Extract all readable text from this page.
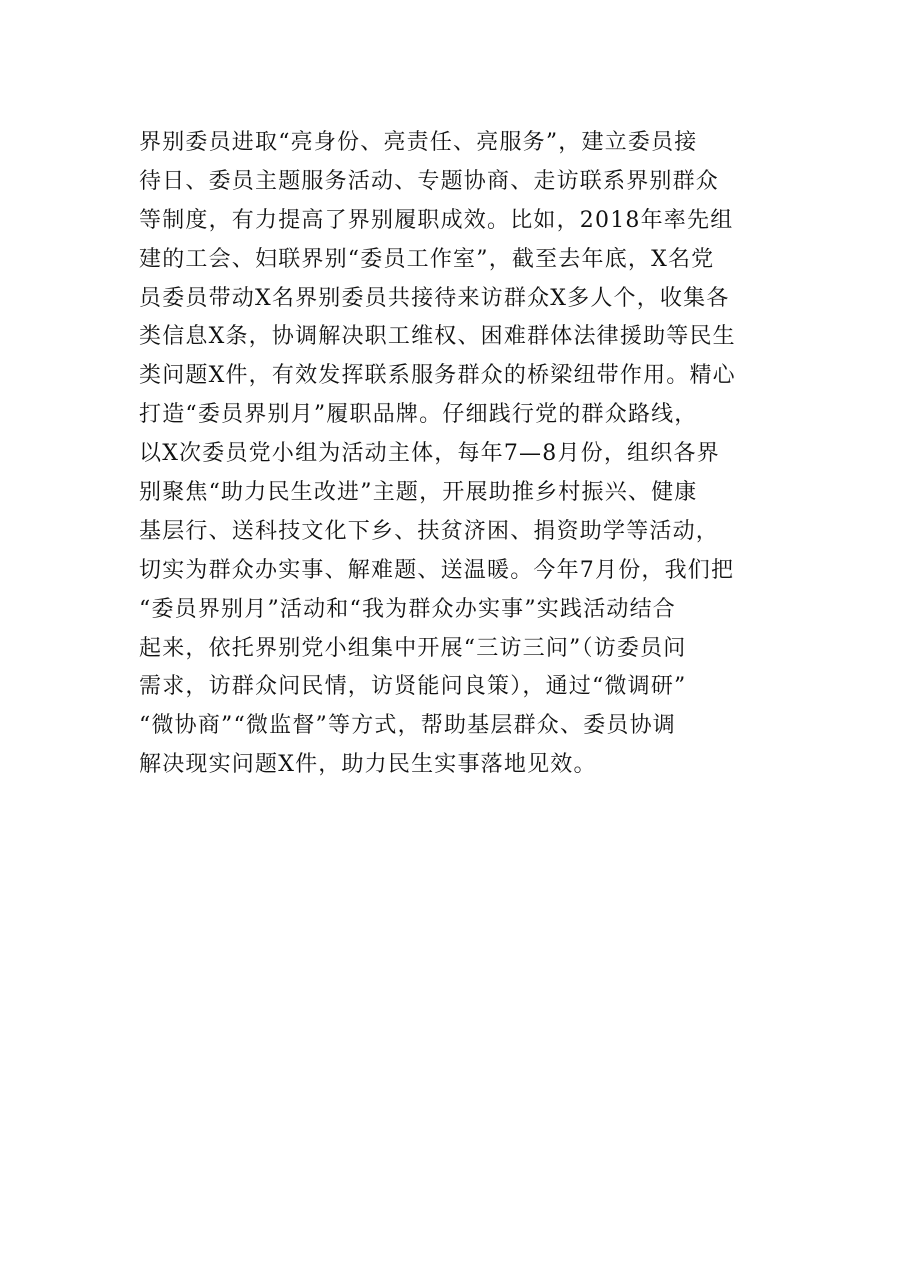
界别委员进取“亮身份、亮责任、亮服务”，建立委员接
待日、委员主题服务活动、专题协商、走访联系界别群众
等制度，有力提高了界别履职成效。比如，2018年率先组
建的工会、妇联界别“委员工作室”，截至去年底，X名党
员委员带动X名界别委员共接待来访群众X多人个，收集各
类信息X条，协调解决职工维权、困难群体法律援助等民生
类问题X件，有效发挥联系服务群众的桥梁纽带作用。精心
打造“委员界别月”履职品牌。仔细践行党的群众路线，
以X次委员党小组为活动主体，每年7—8月份，组织各界
别聚焦“助力民生改进”主题，开展助推乡村振兴、健康
基层行、送科技文化下乡、扶贫济困、捐资助学等活动，
切实为群众办实事、解难题、送温暖。今年7月份，我们把
“委员界别月”活动和“我为群众办实事”实践活动结合
起来，依托界别党小组集中开展“三访三问”（访委员问
需求，访群众问民情，访贤能问良策），通过“微调研”
“微协商”“微监督”等方式，帮助基层群众、委员协调
解决现实问题X件，助力民生实事落地见效。
